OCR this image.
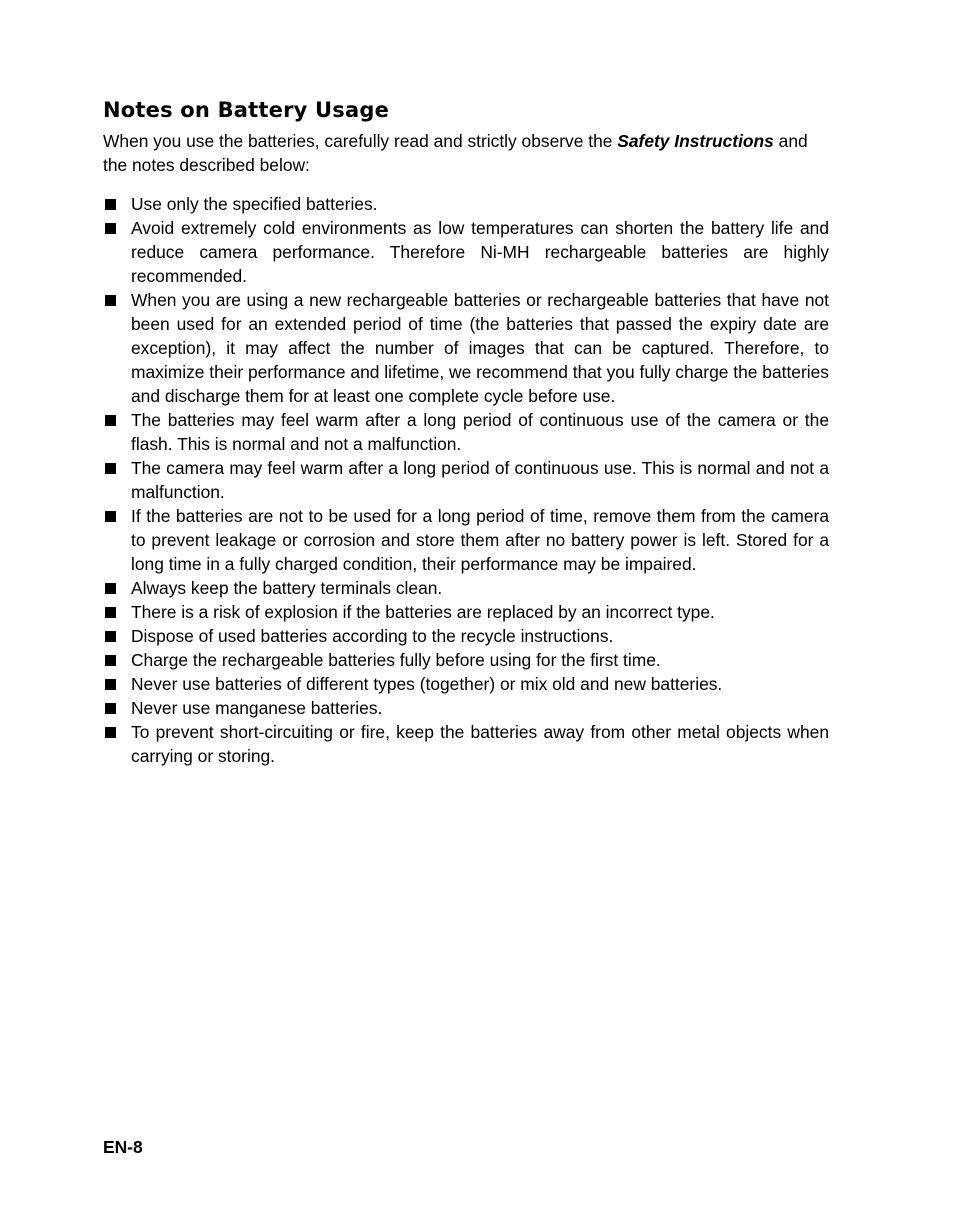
Notes on Battery Usage

When you use the batteries, carefully read and strictly observe the Safety Instructions and the notes described below:

Use only the specified batteries.
Avoid extremely cold environments as low temperatures can shorten the battery life and reduce camera performance. Therefore Ni-MH rechargeable batteries are highly recommended.
When you are using a new rechargeable batteries or rechargeable batteries that have not been used for an extended period of time (the batteries that passed the expiry date are exception), it may affect the number of images that can be captured. Therefore, to maximize their performance and lifetime, we recommend that you fully charge the batteries and discharge them for at least one complete cycle before use.
The batteries may feel warm after a long period of continuous use of the camera or the flash. This is normal and not a malfunction.
The camera may feel warm after a long period of continuous use. This is normal and not a malfunction.
If the batteries are not to be used for a long period of time, remove them from the camera to prevent leakage or corrosion and store them after no battery power is left. Stored for a long time in a fully charged condition, their performance may be impaired.
Always keep the battery terminals clean.
There is a risk of explosion if the batteries are replaced by an incorrect type.
Dispose of used batteries according to the recycle instructions.
Charge the rechargeable batteries fully before using for the first time.
Never use batteries of different types (together) or mix old and new batteries.
Never use manganese batteries.
To prevent short-circuiting or fire, keep the batteries away from other metal objects when carrying or storing.
EN-8
